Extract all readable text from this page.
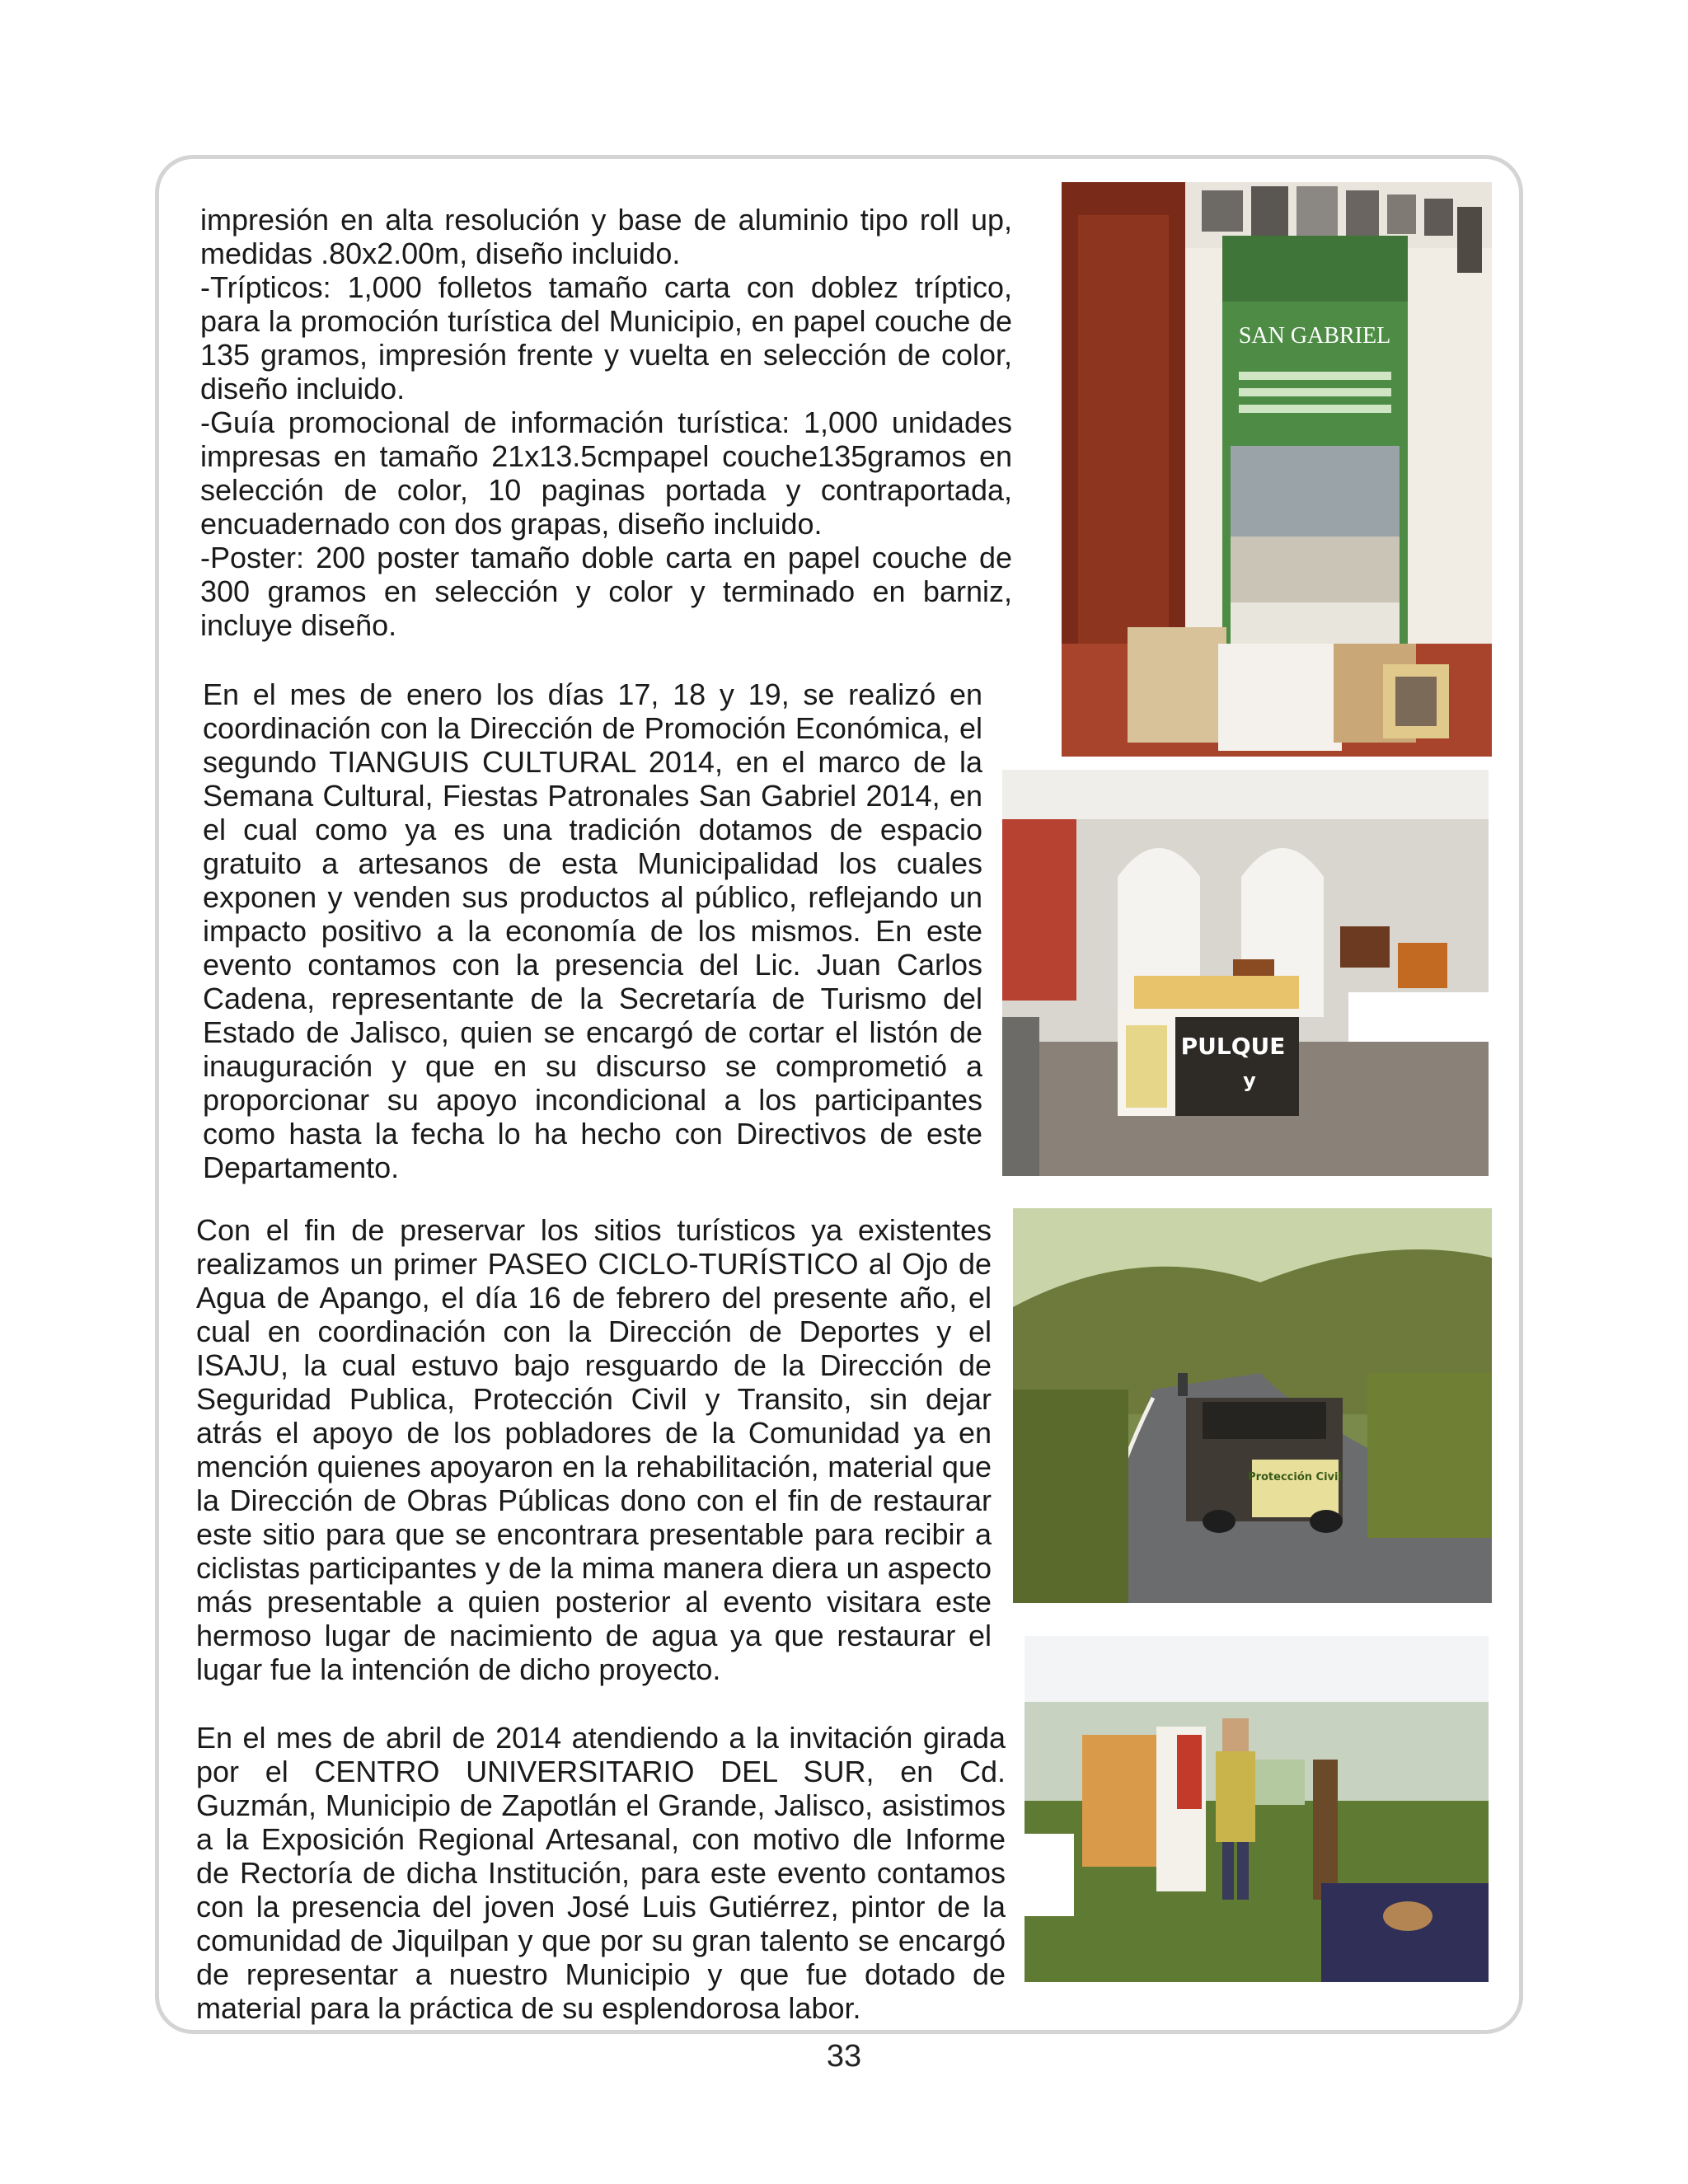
impresión en alta resolución y base de aluminio tipo roll up, medidas .80x2.00m, diseño incluido.

-Trípticos: 1,000 folletos tamaño carta con doblez tríptico, para la promoción turística del Municipio, en papel couche de 135 gramos, impresión frente y vuelta en selección de color, diseño incluido.

-Guía promocional de información turística: 1,000 unidades impresas en tamaño 21x13.5cmpapel couche135gramos en selección de color, 10 paginas portada y contraportada, encuadernado con dos grapas, diseño incluido.

-Poster: 200 poster tamaño doble carta en papel couche de 300 gramos en selección y color y terminado en barniz, incluye diseño.

En el mes de enero los días 17, 18 y 19, se realizó en coordinación con la Dirección de Promoción Económica, el segundo TIANGUIS CULTURAL 2014, en el marco de la Semana Cultural, Fiestas Patronales San Gabriel 2014, en el cual como ya es una tradición dotamos de espacio gratuito a artesanos de esta Municipalidad los cuales exponen y venden sus productos al público, reflejando un impacto positivo a la economía de los mismos. En este evento contamos con la presencia del Lic. Juan Carlos Cadena, representante de la Secretaría de Turismo del Estado de Jalisco, quien se encargó de cortar el listón de inauguración y que en su discurso se comprometió a proporcionar su apoyo incondicional a los participantes como hasta la fecha lo ha hecho con Directivos de este Departamento.

Con el fin de preservar los sitios turísticos ya existentes realizamos un primer PASEO CICLO-TURÍSTICO al Ojo de Agua de Apango, el día 16 de febrero del presente año, el cual en coordinación con la Dirección de Deportes y el ISAJU, la cual estuvo bajo resguardo de la Dirección de Seguridad Publica, Protección Civil y Transito, sin dejar atrás el apoyo de los pobladores de la Comunidad ya en mención quienes apoyaron en la rehabilitación, material que la Dirección de Obras Públicas dono con el fin de restaurar este sitio para que se encontrara presentable para recibir a ciclistas participantes y de la mima manera diera un aspecto más presentable a quien posterior al evento visitara este hermoso lugar de nacimiento de agua ya que restaurar el lugar fue la intención de dicho proyecto.

En el mes de abril de 2014 atendiendo a la invitación girada por el CENTRO UNIVERSITARIO DEL SUR, en Cd. Guzmán, Municipio de Zapotlán el Grande, Jalisco, asistimos a la Exposición Regional Artesanal, con motivo dle Informe de Rectoría de dicha Institución, para este evento contamos con la presencia del joven José Luis Gutiérrez, pintor de la comunidad de Jiquilpan y que por su gran talento se encargó de representar a nuestro Municipio y que fue dotado de material para la práctica de su esplendorosa labor.

SAN GABRIEL
PULQUE
y
Protección Civil
33
